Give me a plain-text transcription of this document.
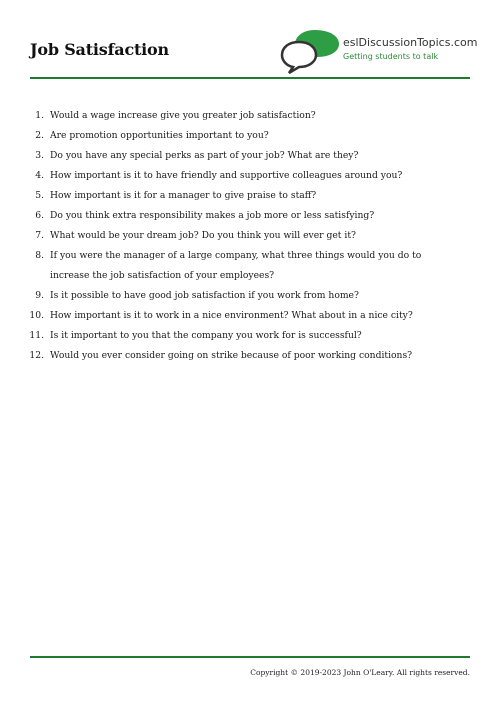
Job Satisfaction	eslDiscussionTopics.com
Getting students to talk
1. Would a wage increase give you greater job satisfaction?
2. Are promotion opportunities important to you?
3. Do you have any special perks as part of your job? What are they?
4. How important is it to have friendly and supportive colleagues around you?
5. How important is it for a manager to give praise to staff?
6. Do you think extra responsibility makes a job more or less satisfying?
7. What would be your dream job? Do you think you will ever get it?
8. If you were the manager of a large company, what three things would you do to increase the job satisfaction of your employees?
9. Is it possible to have good job satisfaction if you work from home?
10. How important is it to work in a nice environment? What about in a nice city?
11. Is it important to you that the company you work for is successful?
12. Would you ever consider going on strike because of poor working conditions?
Copyright © 2019-2023 John O'Leary. All rights reserved.
